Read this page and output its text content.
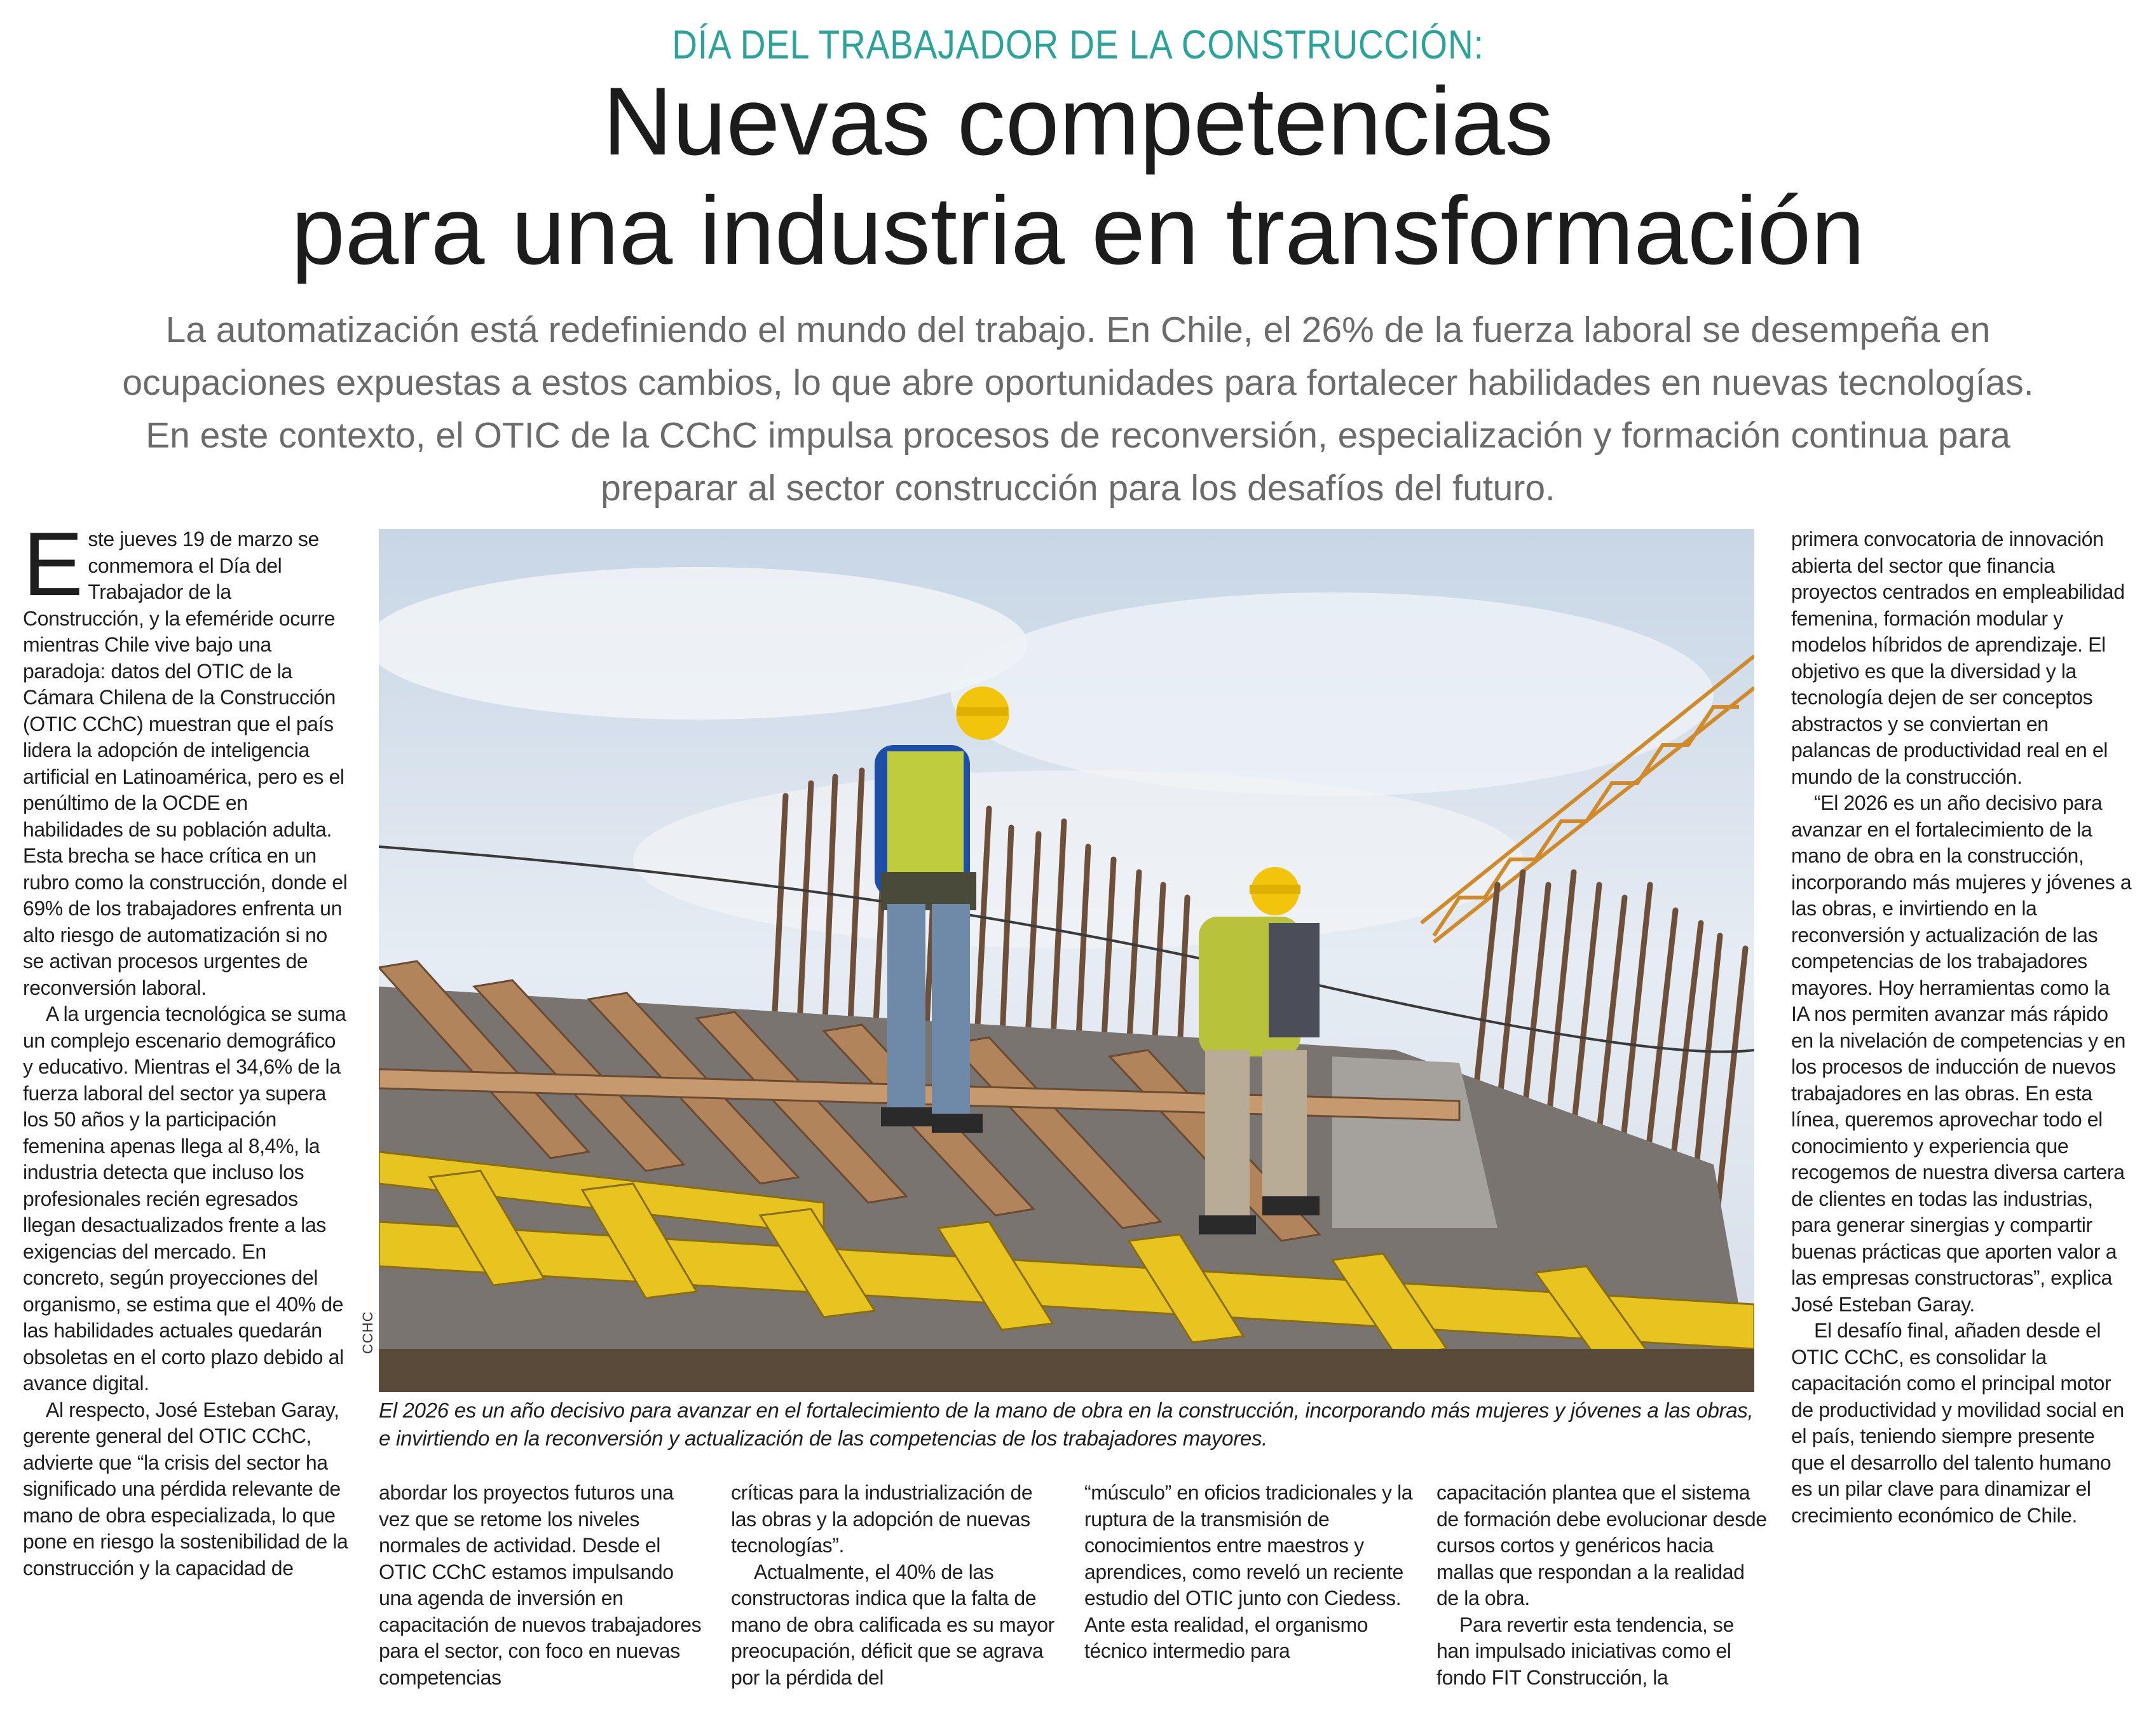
DÍA DEL TRABAJADOR DE LA CONSTRUCCIÓN:
Nuevas competencias
para una industria en transformación
La automatización está redefiniendo el mundo del trabajo. En Chile, el 26% de la fuerza laboral se desempeña en
ocupaciones expuestas a estos cambios, lo que abre oportunidades para fortalecer habilidades en nuevas tecnologías.
En este contexto, el OTIC de la CChC impulsa procesos de reconversión, especialización y formación continua para
preparar al sector construcción para los desafíos del futuro.

Este jueves 19 de marzo se conmemora el Día del Trabajador de la Construcción, y la efeméride ocurre mientras Chile vive bajo una paradoja: datos del OTIC de la Cámara Chilena de la Construcción (OTIC CChC) muestran que el país lidera la adopción de inteligencia artificial en Latinoamérica, pero es el penúltimo de la OCDE en habilidades de su población adulta. Esta brecha se hace crítica en un rubro como la construcción, donde el 69% de los trabajadores enfrenta un alto riesgo de automatización si no se activan procesos urgentes de reconversión laboral.

A la urgencia tecnológica se suma un complejo escenario demográfico y educativo. Mientras el 34,6% de la fuerza laboral del sector ya supera los 50 años y la participación femenina apenas llega al 8,4%, la industria detecta que incluso los profesionales recién egresados llegan desactualizados frente a las exigencias del mercado. En concreto, según proyecciones del organismo, se estima que el 40% de las habilidades actuales quedarán obsoletas en el corto plazo debido al avance digital.

Al respecto, José Esteban Garay, gerente general del OTIC CChC, advierte que “la crisis del sector ha significado una pérdida relevante de mano de obra especializada, lo que pone en riesgo la sostenibilidad de la construcción y la capacidad de

CCHC
El 2026 es un año decisivo para avanzar en el fortalecimiento de la mano de obra en la construcción, incorporando más mujeres y jóvenes a las obras, e invirtiendo en la reconversión y actualización de las competencias de los trabajadores mayores.

abordar los proyectos futuros una vez que se retome los niveles normales de actividad. Desde el OTIC CChC estamos impulsando una agenda de inversión en capacitación de nuevos trabajadores para el sector, con foco en nuevas competencias

críticas para la industrialización de las obras y la adopción de nuevas tecnologías”.

Actualmente, el 40% de las constructoras indica que la falta de mano de obra calificada es su mayor preocupación, déficit que se agrava por la pérdida del

“músculo” en oficios tradicionales y la ruptura de la transmisión de conocimientos entre maestros y aprendices, como reveló un reciente estudio del OTIC junto con Ciedess. Ante esta realidad, el organismo técnico intermedio para

capacitación plantea que el sistema de formación debe evolucionar desde cursos cortos y genéricos hacia mallas que respondan a la realidad de la obra.

Para revertir esta tendencia, se han impulsado iniciativas como el fondo FIT Construcción, la

primera convocatoria de innovación abierta del sector que financia proyectos centrados en empleabilidad femenina, formación modular y modelos híbridos de aprendizaje. El objetivo es que la diversidad y la tecnología dejen de ser conceptos abstractos y se conviertan en palancas de productividad real en el mundo de la construcción.

“El 2026 es un año decisivo para avanzar en el fortalecimiento de la mano de obra en la construcción, incorporando más mujeres y jóvenes a las obras, e invirtiendo en la reconversión y actualización de las competencias de los trabajadores mayores. Hoy herramientas como la IA nos permiten avanzar más rápido en la nivelación de competencias y en los procesos de inducción de nuevos trabajadores en las obras. En esta línea, queremos aprovechar todo el conocimiento y experiencia que recogemos de nuestra diversa cartera de clientes en todas las industrias, para generar sinergias y compartir buenas prácticas que aporten valor a las empresas constructoras”, explica José Esteban Garay.

El desafío final, añaden desde el OTIC CChC, es consolidar la capacitación como el principal motor de productividad y movilidad social en el país, teniendo siempre presente que el desarrollo del talento humano es un pilar clave para dinamizar el crecimiento económico de Chile.
